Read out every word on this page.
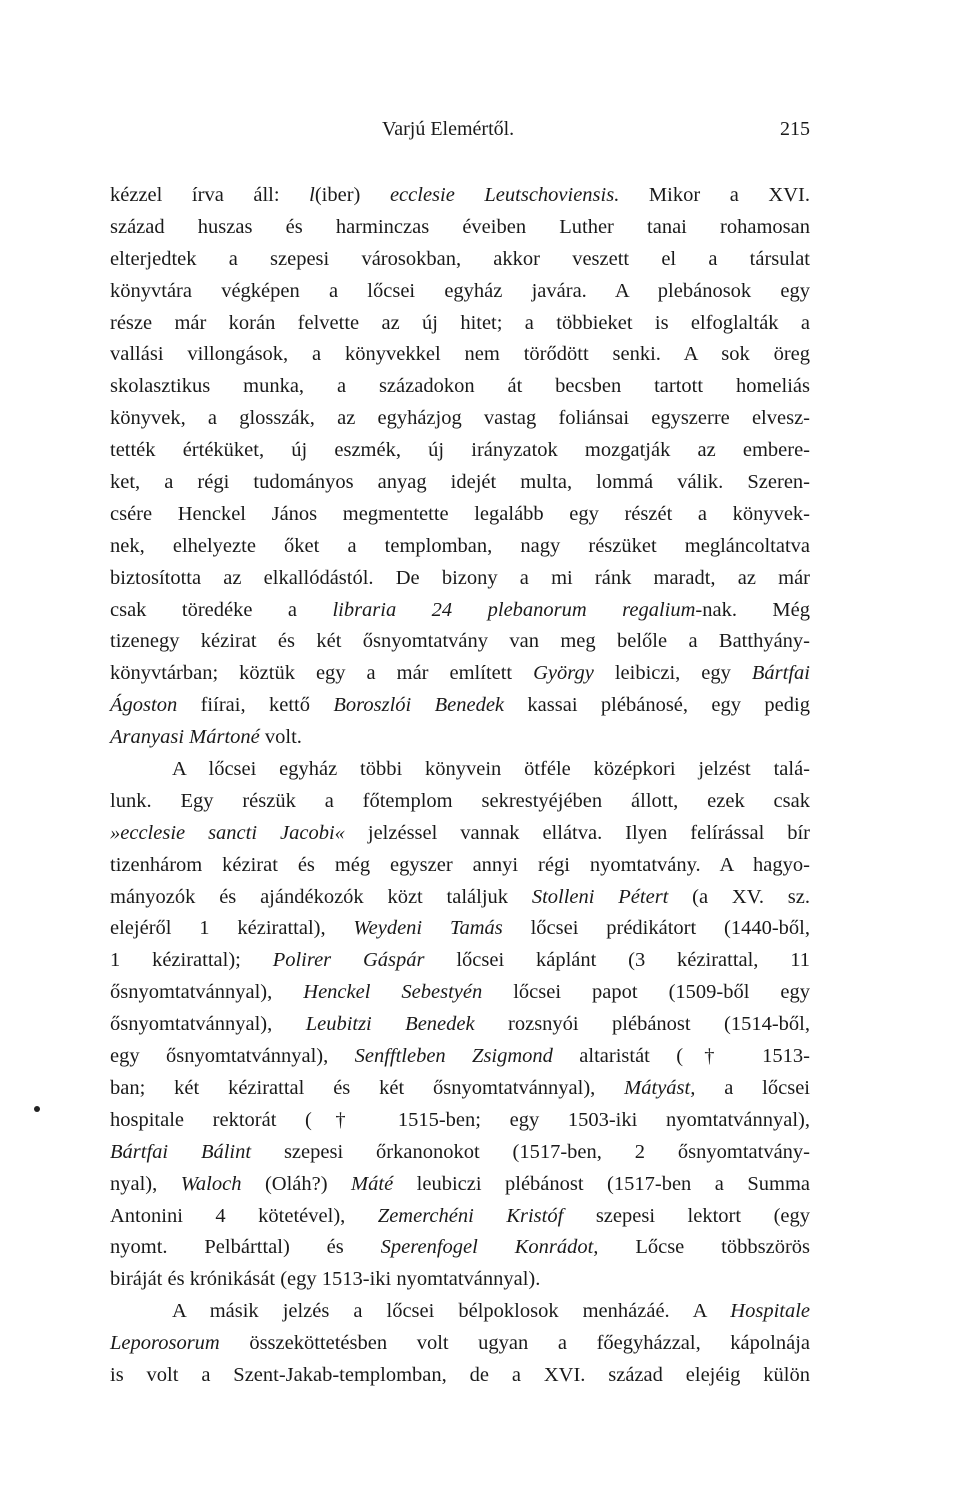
Varjú Elemértől.	215
kézzel írva áll: l(iber) ecclesie Leutschoviensis. Mikor a XVI.
század huszas és harminczas éveiben Luther tanai rohamosan
elterjedtek a szepesi városokban, akkor veszett el a társulat
könyvtára végképen a lőcsei egyház javára. A plebánosok egy
része már korán felvette az új hitet; a többieket is elfoglalták a
vallási villongások, a könyvekkel nem törődött senki. A sok öreg
skolasztikus munka, a századokon át becsben tartott homeliás
könyvek, a glosszák, az egyházjog vastag foliánsai egyszerre elvesz-
tették értéküket, új eszmék, új irányzatok mozgatják az embere-
ket, a régi tudományos anyag idejét multa, lommá válik. Szeren-
csére Henckel János megmentette legalább egy részét a könyvek-
nek, elhelyezte őket a templomban, nagy részüket megláncoltatva
biztosította az elkallódástól. De bizony a mi ránk maradt, az már
csak töredéke a libraria 24 plebanorum regalium-nak. Még
tizenegy kézirat és két ősnyomtatvány van meg belőle a Batthyány-
könyvtárban; köztük egy a már említett György leibiczi, egy Bártfai
Ágoston fiírai, kettő Boroszlói Benedek kassai plébánosé, egy pedig
Aranyasi Mártoné volt.
A lőcsei egyház többi könyvein ötféle középkori jelzést talá-
lunk. Egy részük a főtemplom sekrestyéjében állott, ezek csak
»ecclesie sancti Jacobi« jelzéssel vannak ellátva. Ilyen felírással bír
tizenhárom kézirat és még egyszer annyi régi nyomtatvány. A hagyo-
mányozók és ajándékozók közt találjuk Stolleni Pétert (a XV. sz.
elejéről 1 kézirattal), Weydeni Tamás lőcsei prédikátort (1440-ből,
1 kézirattal); Polirer Gáspár lőcsei káplánt (3 kézirattal, 11
ősnyomtatvánnyal), Henckel Sebestyén lőcsei papot (1509-ből egy
ősnyomtatvánnyal), Leubitzi Benedek rozsnyói plébánost (1514-ből,
egy ősnyomtatvánnyal), Senfftleben Zsigmond altaristát († 1513-
ban; két kézirattal és két ősnyomtatvánnyal), Mátyást, a lőcsei
hospitale rektorát († 1515-ben; egy 1503-iki nyomtatvánnyal),
Bártfai Bálint szepesi őrkanonokot (1517-ben, 2 ősnyomtatvány-
nyal), Waloch (Oláh?) Máté leubiczi plébánost (1517-ben a Summa
Antonini 4 kötetével), Zemerchéni Kristóf szepesi lektort (egy
nyomt. Pelbárttal) és Sperenfogel Konrádot, Lőcse többszörös
biráját és krónikását (egy 1513-iki nyomtatvánnyal).
A másik jelzés a lőcsei bélpoklosok menházáé. A Hospitale
Leporosorum összeköttetésben volt ugyan a főegyházzal, kápolnája
is volt a Szent-Jakab-templomban, de a XVI. század elejéig külön
